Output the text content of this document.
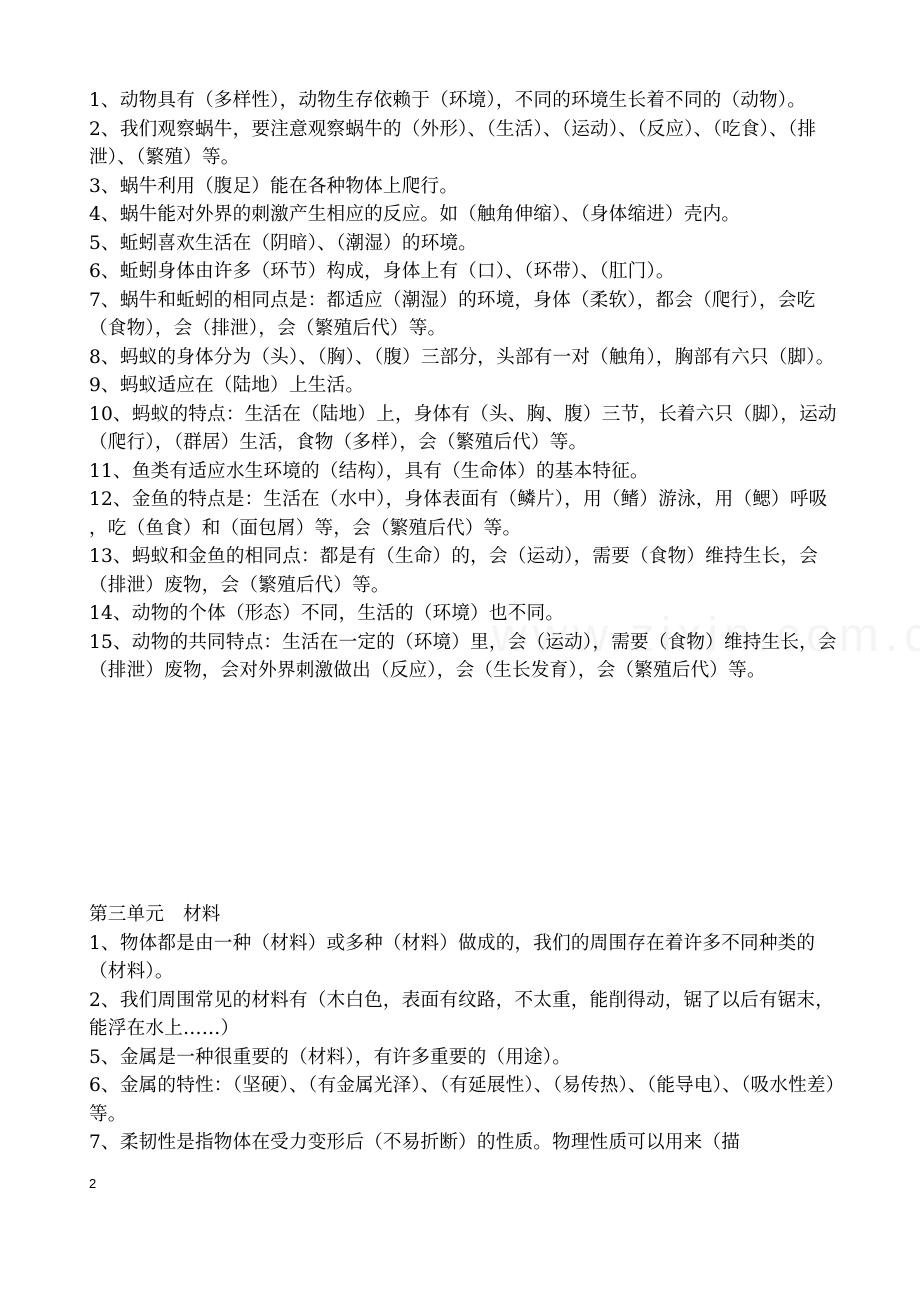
1、动物具有（多样性），动物生存依赖于（环境），不同的环境生长着不同的（动物）。

2、我们观察蜗牛，要注意观察蜗牛的（外形）、（生活）、（运动）、（反应）、（吃食）、（排泄）、（繁殖）等。

3、蜗牛利用（腹足）能在各种物体上爬行。

4、蜗牛能对外界的刺激产生相应的反应。如（触角伸缩）、（身体缩进）壳内。

5、蚯蚓喜欢生活在（阴暗）、（潮湿）的环境。

6、蚯蚓身体由许多（环节）构成，身体上有（口）、（环带）、（肛门）。

7、蜗牛和蚯蚓的相同点是：都适应（潮湿）的环境，身体（柔软），都会（爬行），会吃（食物），会（排泄），会（繁殖后代）等。

8、蚂蚁的身体分为（头）、（胸）、（腹）三部分，头部有一对（触角），胸部有六只（脚）。

9、蚂蚁适应在（陆地）上生活。

10、蚂蚁的特点：生活在（陆地）上，身体有（头、胸、腹）三节，长着六只（脚），运动（爬行），（群居）生活，食物（多样），会（繁殖后代）等。

11、鱼类有适应水生环境的（结构），具有（生命体）的基本特征。

12、金鱼的特点是：生活在（水中），身体表面有（鳞片），用（鳍）游泳，用（鳃）呼吸

，吃（鱼食）和（面包屑）等，会（繁殖后代）等。

13、蚂蚁和金鱼的相同点：都是有（生命）的，会（运动），需要（食物）维持生长，会（排泄）废物，会（繁殖后代）等。

14、动物的个体（形态）不同，生活的（环境）也不同。

15、动物的共同特点：生活在一定的（环境）里，会（运动），需要（食物）维持生长，会（排泄）废物，会对外界刺激做出（反应），会（生长发育），会（繁殖后代）等。

第三单元　材料

1、物体都是由一种（材料）或多种（材料）做成的，我们的周围存在着许多不同种类的（材料）。

2、我们周围常见的材料有（木白色，表面有纹路，不太重，能削得动，锯了以后有锯末，能浮在水上……）

5、金属是一种很重要的（材料），有许多重要的（用途）。

6、金属的特性：（坚硬）、（有金属光泽）、（有延展性）、（易传热）、（能导电）、（吸水性差）等。

7、柔韧性是指物体在受力变形后（不易折断）的性质。物理性质可以用来（描

2
